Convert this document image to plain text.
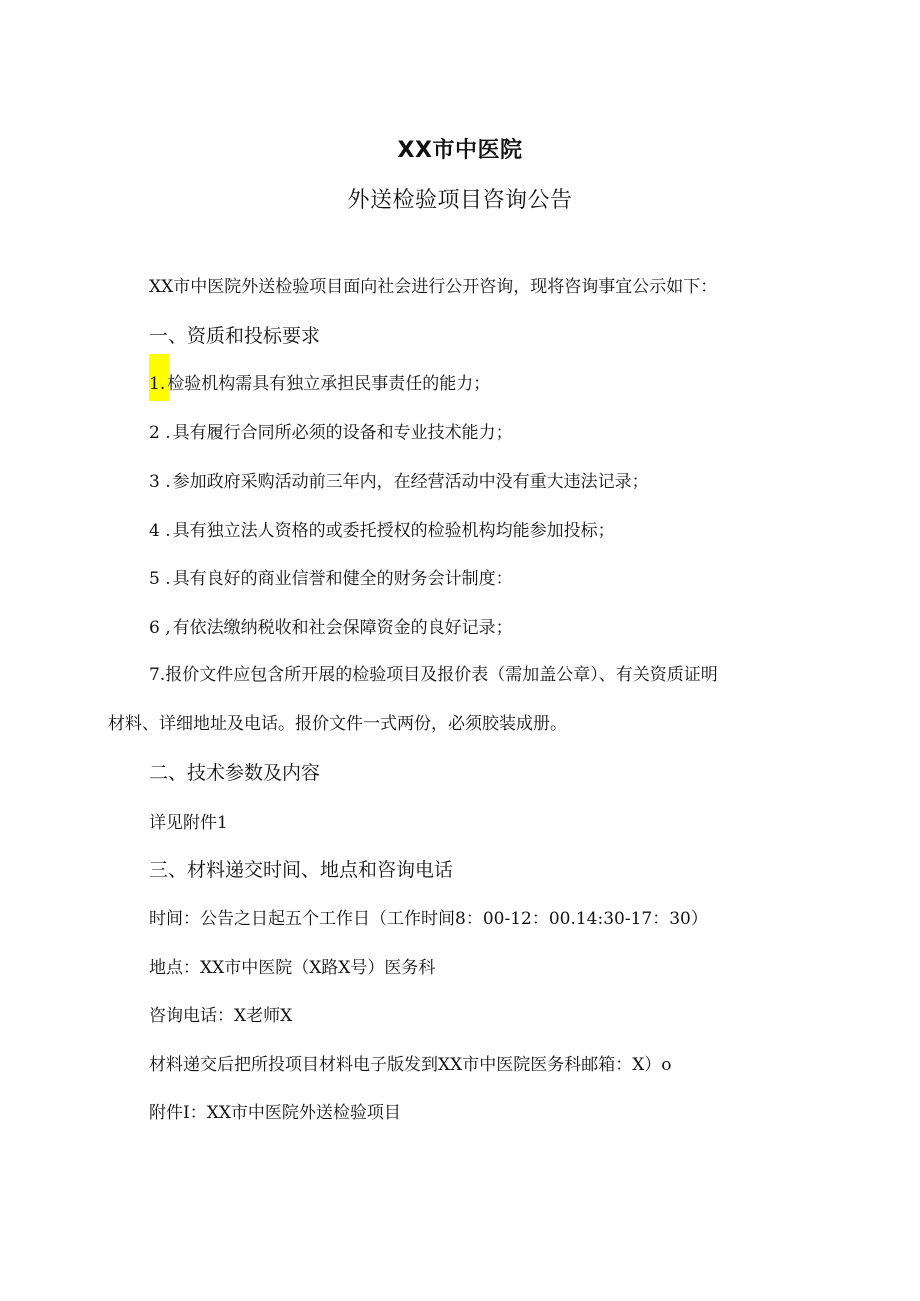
XX市中医院
外送检验项目咨询公告
XX市中医院外送检验项目面向社会进行公开咨询，现将咨询事宜公示如下：
一、资质和投标要求
1. 检验机构需具有独立承担民事责任的能力；
2 . 具有履行合同所必须的设备和专业技术能力；
3 . 参加政府采购活动前三年内，在经营活动中没有重大违法记录；
4 . 具有独立法人资格的或委托授权的检验机构均能参加投标；
5 . 具有良好的商业信誉和健全的财务会计制度：
6 , 有依法缴纳税收和社会保障资金的良好记录；
7.报价文件应包含所开展的检验项目及报价表（需加盖公章）、有关资质证明
材料、详细地址及电话。报价文件一式两份，必须胶装成册。
二、技术参数及内容
详见附件1
三、材料递交时间、地点和咨询电话
时间：公告之日起五个工作日（工作时间8：00-12：00.14:30-17：30）
地点：XX市中医院（X路X号）医务科
咨询电话：X老师X
材料递交后把所投项目材料电子版发到XX市中医院医务科邮箱：X）o
附件I：XX市中医院外送检验项目
